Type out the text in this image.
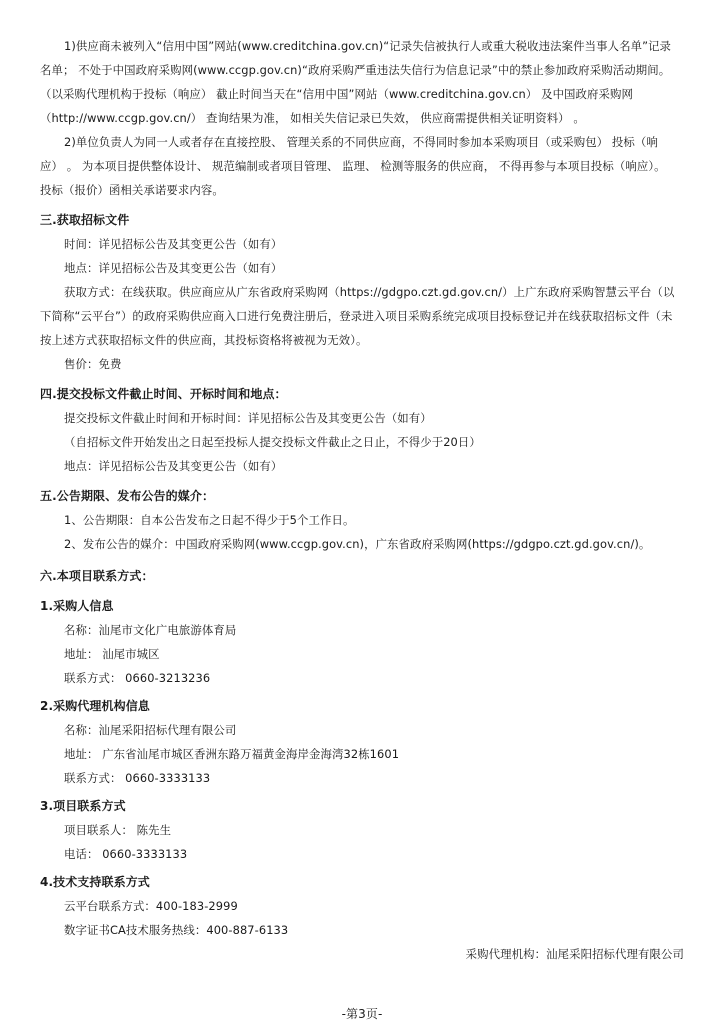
1)供应商未被列入“信用中国”网站(www.creditchina.gov.cn)“记录失信被执行人或重大税收违法案件当事人名单”记录
名单； 不处于中国政府采购网(www.ccgp.gov.cn)“政府采购严重违法失信行为信息记录”中的禁止参加政府采购活动期间。
（以采购代理机构于投标（响应） 截止时间当天在“信用中国”网站（www.creditchina.gov.cn） 及中国政府采购网
（http://www.ccgp.gov.cn/） 查询结果为准， 如相关失信记录已失效， 供应商需提供相关证明资料） 。
2)单位负责人为同一人或者存在直接控股、 管理关系的不同供应商，不得同时参加本采购项目（或采购包） 投标（响
应） 。 为本项目提供整体设计、 规范编制或者项目管理、 监理、 检测等服务的供应商， 不得再参与本项目投标（响应）。
投标（报价）函相关承诺要求内容。
三.获取招标文件
时间：详见招标公告及其变更公告（如有）
地点：详见招标公告及其变更公告（如有）
获取方式：在线获取。供应商应从广东省政府采购网（https://gdgpo.czt.gd.gov.cn/）上广东政府采购智慧云平台（以
下简称“云平台”）的政府采购供应商入口进行免费注册后，登录进入项目采购系统完成项目投标登记并在线获取招标文件（未
按上述方式获取招标文件的供应商，其投标资格将被视为无效）。
售价：免费
四.提交投标文件截止时间、开标时间和地点：
提交投标文件截止时间和开标时间：详见招标公告及其变更公告（如有）
（自招标文件开始发出之日起至投标人提交投标文件截止之日止，不得少于20日）
地点：详见招标公告及其变更公告（如有）
五.公告期限、发布公告的媒介：
1、公告期限：自本公告发布之日起不得少于5个工作日。
2、发布公告的媒介：中国政府采购网(www.ccgp.gov.cn)，广东省政府采购网(https://gdgpo.czt.gd.gov.cn/)。
六.本项目联系方式：
1.采购人信息
名称：汕尾市文化广电旅游体育局
地址： 汕尾市城区
联系方式： 0660-3213236
2.采购代理机构信息
名称：汕尾采阳招标代理有限公司
地址： 广东省汕尾市城区香洲东路万福黄金海岸金海湾32栋1601
联系方式： 0660-3333133
3.项目联系方式
项目联系人： 陈先生
电话： 0660-3333133
4.技术支持联系方式
云平台联系方式：400-183-2999
数字证书CA技术服务热线：400-887-6133
采购代理机构：汕尾采阳招标代理有限公司
-第3页-
